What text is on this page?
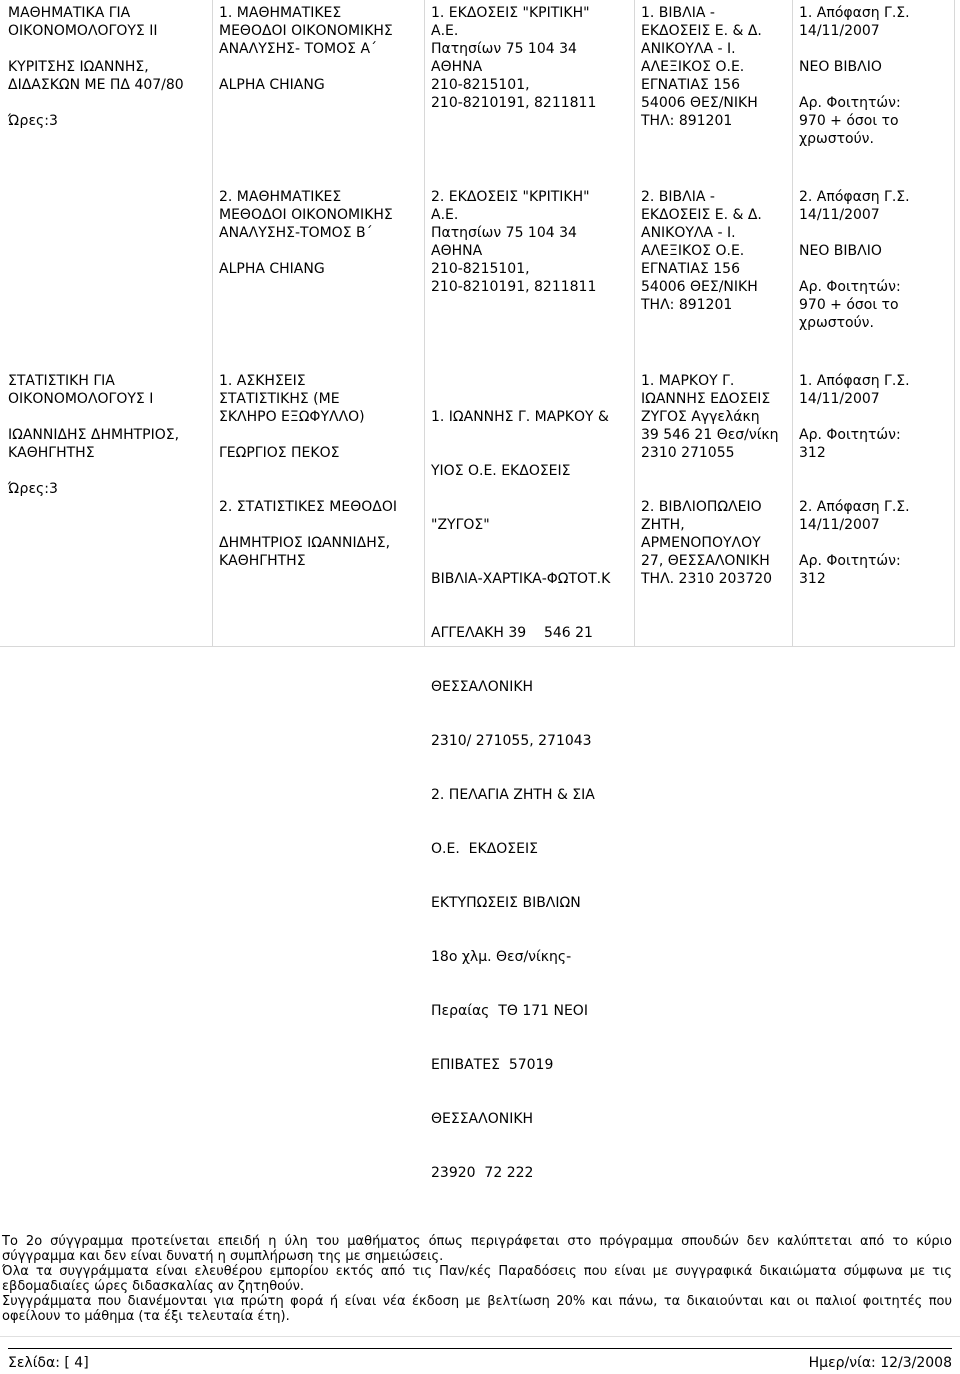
ΜΑΘΗΜΑΤΙΚΑ ΓΙΑ
ΟΙΚΟΝΟΜΟΛΟΓΟΥΣ ΙΙ
ΚΥΡΙΤΣΗΣ ΙΩΑΝΝΗΣ,
ΔΙΔΑΣΚΩΝ ΜΕ ΠΔ 407/80
Ώρες:3
1. ΜΑΘΗΜΑΤΙΚΕΣ
ΜΕΘΟΔΟΙ ΟΙΚΟΝΟΜΙΚΗΣ
ΑΝΑΛΥΣΗΣ- ΤΟΜΟΣ Α΄
ALPHA CHIANG
1. ΕΚΔΟΣΕΙΣ "ΚΡΙΤΙΚΗ"
Α.Ε.
Πατησίων 75 104 34
ΑΘΗΝΑ
210-8215101,
210-8210191, 8211811
1. ΒΙΒΛΙΑ -
ΕΚΔΟΣΕΙΣ Ε. & Δ.
ΑΝΙΚΟΥΛΑ - Ι.
ΑΛΕΞΙΚΟΣ Ο.Ε.
ΕΓΝΑΤΙΑΣ 156
54006 ΘΕΣ/ΝΙΚΗ
ΤΗΛ: 891201
1. Απόφαση Γ.Σ.
14/11/2007
ΝΕΟ ΒΙΒΛΙΟ
Αρ. Φοιτητών:
970 + όσοι το
χρωστούν.
2. ΜΑΘΗΜΑΤΙΚΕΣ
ΜΕΘΟΔΟΙ ΟΙΚΟΝΟΜΙΚΗΣ
ΑΝΑΛΥΣΗΣ-ΤΟΜΟΣ Β΄
ALPHA CHIANG
2. ΕΚΔΟΣΕΙΣ "ΚΡΙΤΙΚΗ"
Α.Ε.
Πατησίων 75 104 34
ΑΘΗΝΑ
210-8215101,
210-8210191, 8211811
2. ΒΙΒΛΙΑ -
ΕΚΔΟΣΕΙΣ Ε. & Δ.
ΑΝΙΚΟΥΛΑ - Ι.
ΑΛΕΞΙΚΟΣ Ο.Ε.
ΕΓΝΑΤΙΑΣ 156
54006 ΘΕΣ/ΝΙΚΗ
ΤΗΛ: 891201
2. Απόφαση Γ.Σ.
14/11/2007
ΝΕΟ ΒΙΒΛΙΟ
Αρ. Φοιτητών:
970 + όσοι το
χρωστούν.
ΣΤΑΤΙΣΤΙΚΗ ΓΙΑ
ΟΙΚΟΝΟΜΟΛΟΓΟΥΣ Ι
ΙΩΑΝΝΙΔΗΣ ΔΗΜΗΤΡΙΟΣ,
ΚΑΘΗΓΗΤΗΣ
Ώρες:3
1. ΑΣΚΗΣΕΙΣ
ΣΤΑΤΙΣΤΙΚΗΣ (ΜΕ
ΣΚΛΗΡΟ ΕΞΩΦΥΛΛΟ)
ΓΕΩΡΓΙΟΣ ΠΕΚΟΣ
2. ΣΤΑΤΙΣΤΙΚΕΣ ΜΕΘΟΔΟΙ
ΔΗΜΗΤΡΙΟΣ ΙΩΑΝΝΙΔΗΣ,
ΚΑΘΗΓΗΤΗΣ

1. ΙΩΑΝΝΗΣ Γ. ΜΑΡΚΟΥ &

ΥΙΟΣ Ο.Ε. ΕΚΔΟΣΕΙΣ

"ΖΥΓΟΣ"

ΒΙΒΛΙΑ-ΧΑΡΤΙΚΑ-ΦΩΤΟΤ.Κ

ΑΓΓΕΛΑΚΗ 39    546 21

ΘΕΣΣΑΛΟΝΙΚΗ

2310/ 271055, 271043

2. ΠΕΛΑΓΙΑ ΖΗΤΗ & ΣΙΑ

Ο.Ε.  ΕΚΔΟΣΕΙΣ

ΕΚΤΥΠΩΣΕΙΣ ΒΙΒΛΙΩΝ

18ο χλμ. Θεσ/νίκης-

Περαίας  ΤΘ 171 ΝΕΟΙ

ΕΠΙΒΑΤΕΣ  57019

ΘΕΣΣΑΛΟΝΙΚΗ

23920  72 222

1. ΜΑΡΚΟΥ Γ.
ΙΩΑΝΝΗΣ ΕΔΟΣΕΙΣ
ΖΥΓΟΣ Αγγελάκη
39 546 21 Θεσ/νίκη
2310 271055
2. ΒΙΒΛΙΟΠΩΛΕΙΟ
ΖΗΤΗ,
ΑΡΜΕΝΟΠΟΥΛΟΥ
27, ΘΕΣΣΑΛΟΝΙΚΗ
ΤΗΛ. 2310 203720
1. Απόφαση Γ.Σ.
14/11/2007
Αρ. Φοιτητών:
312
2. Απόφαση Γ.Σ.
14/11/2007
Αρ. Φοιτητών:
312

Το 2ο σύγγραμμα προτείνεται επειδή η ύλη του μαθήματος όπως περιγράφεται στο πρόγραμμα σπουδών δεν καλύπτεται από το κύριο σύγγραμμα και δεν είναι δυνατή η συμπλήρωση της με σημειώσεις.

Όλα τα συγγράμματα είναι ελευθέρου εμπορίου εκτός από τις Παν/κές Παραδόσεις που είναι με συγγραφικά δικαιώματα σύμφωνα με τις εβδομαδιαίες ώρες διδασκαλίας αν ζητηθούν.

Συγγράμματα που διανέμονται για πρώτη φορά ή είναι νέα έκδοση με βελτίωση 20% και πάνω, τα δικαιούνται και οι παλιοί φοιτητές που οφείλουν το μάθημα (τα έξι τελευταία έτη).

Σελίδα: [ 4]	Ημερ/νία: 12/3/2008
